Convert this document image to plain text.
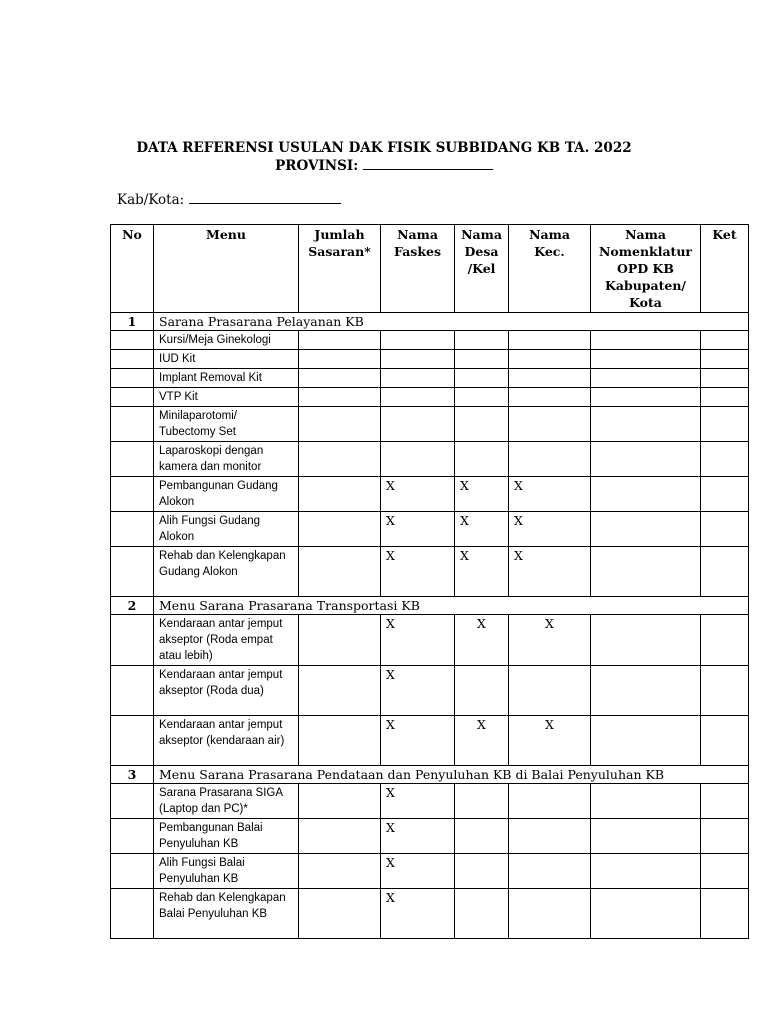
DATA REFERENSI USULAN DAK FISIK SUBBIDANG KB TA. 2022

PROVINSI:

Kab/Kota:
No	Menu	Jumlah Sasaran*	Nama Faskes	Nama Desa /Kel	Nama Kec.	Nama Nomenklatur OPD KB Kabupaten/ Kota	Ket
1	Sarana Prasarana Pelayanan KB						
	Kursi/Meja Ginekologi						
	IUD Kit						
	Implant Removal Kit						
	VTP Kit						
	Minilaparotomi/ Tubectomy Set						
	Laparoskopi dengan kamera dan monitor						
	Pembangunan Gudang Alokon		X	X	X		
	Alih Fungsi Gudang Alokon		X	X	X		
	Rehab dan Kelengkapan Gudang Alokon		X	X	X		
2	Menu Sarana Prasarana Transportasi KB						
	Kendaraan antar jemput akseptor (Roda empat atau lebih)		X	X	X		
	Kendaraan antar jemput akseptor (Roda dua)		X				
	Kendaraan antar jemput akseptor (kendaraan air)		X	X	X		
3	Menu Sarana Prasarana Pendataan dan Penyuluhan KB di Balai Penyuluhan KB						
	Sarana Prasarana SIGA (Laptop dan PC)*		X				
	Pembangunan Balai Penyuluhan KB		X				
	Alih Fungsi Balai Penyuluhan KB		X				
	Rehab dan Kelengkapan Balai Penyuluhan KB		X				
